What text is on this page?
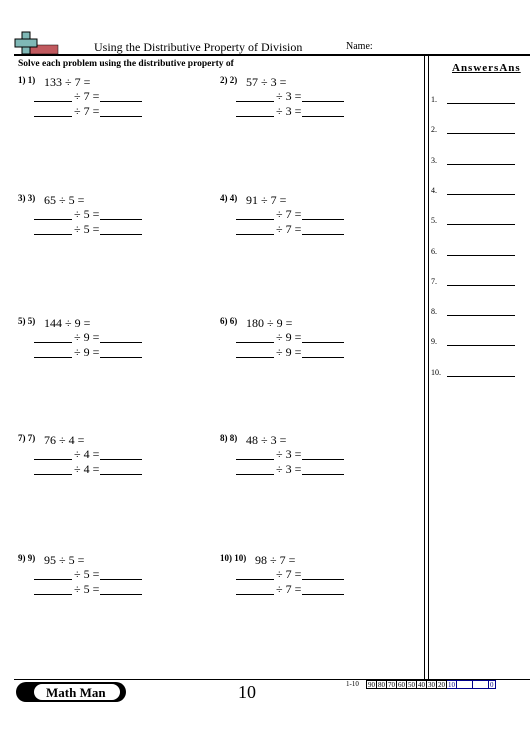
Using the Distributive Property of Division	Name:
Solve each problem using the distributive property of	AnswersAns
1) 1) 133 ÷ 7 =
÷ 7 =
÷ 7 =
2) 2) 57 ÷ 3 =
÷ 3 =
÷ 3 =
3) 3) 65 ÷ 5 =
÷ 5 =
÷ 5 =
4) 4) 91 ÷ 7 =
÷ 7 =
÷ 7 =
5) 5) 144 ÷ 9 =
÷ 9 =
÷ 9 =
6) 6) 180 ÷ 9 =
÷ 9 =
÷ 9 =
7) 7) 76 ÷ 4 =
÷ 4 =
÷ 4 =
8) 8) 48 ÷ 3 =
÷ 3 =
÷ 3 =
9) 9) 95 ÷ 5 =
÷ 5 =
÷ 5 =
10) 10) 98 ÷ 7 =
÷ 7 =
÷ 7 =
1.
2.
3.
4.
5.
6.
7.
8.
9.
10.
Math Man	10	1-10 90 80 70 60 50 40 30 20 10	0
